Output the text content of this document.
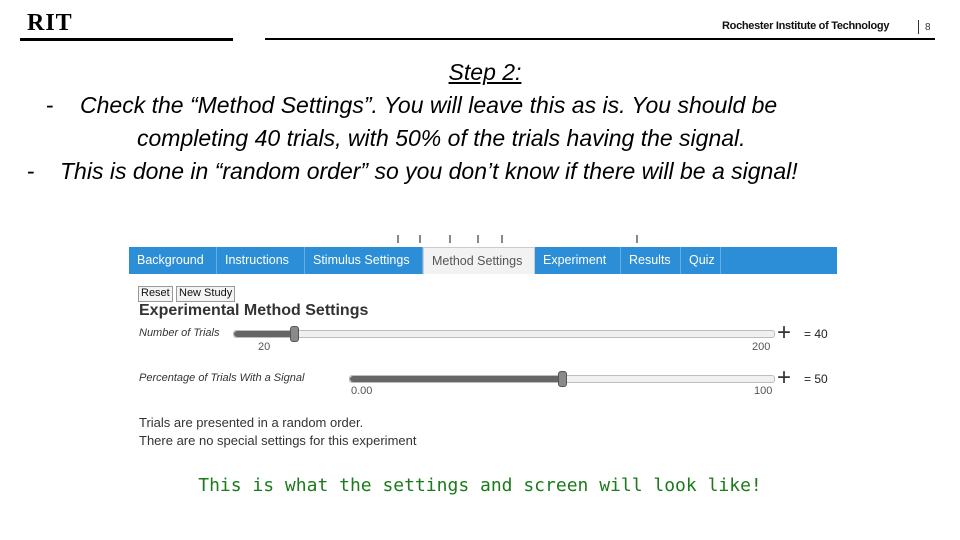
RIT	Rochester Institute of Technology	8
Step 2:
- Check the “Method Settings”. You will leave this as is. You should be
completing 40 trials, with 50% of the trials having the signal.
- This is done in “random order” so you don’t know if there will be a signal!
Background	Instructions	Stimulus Settings	Method Settings	Experiment	Results	Quiz
Reset New Study
Experimental Method Settings
Number of Trials
20	200
+ = 40
Percentage of Trials With a Signal
0.00	100 + = 50
Trials are presented in a random order.
There are no special settings for this experiment
This is what the settings and screen will look like!
